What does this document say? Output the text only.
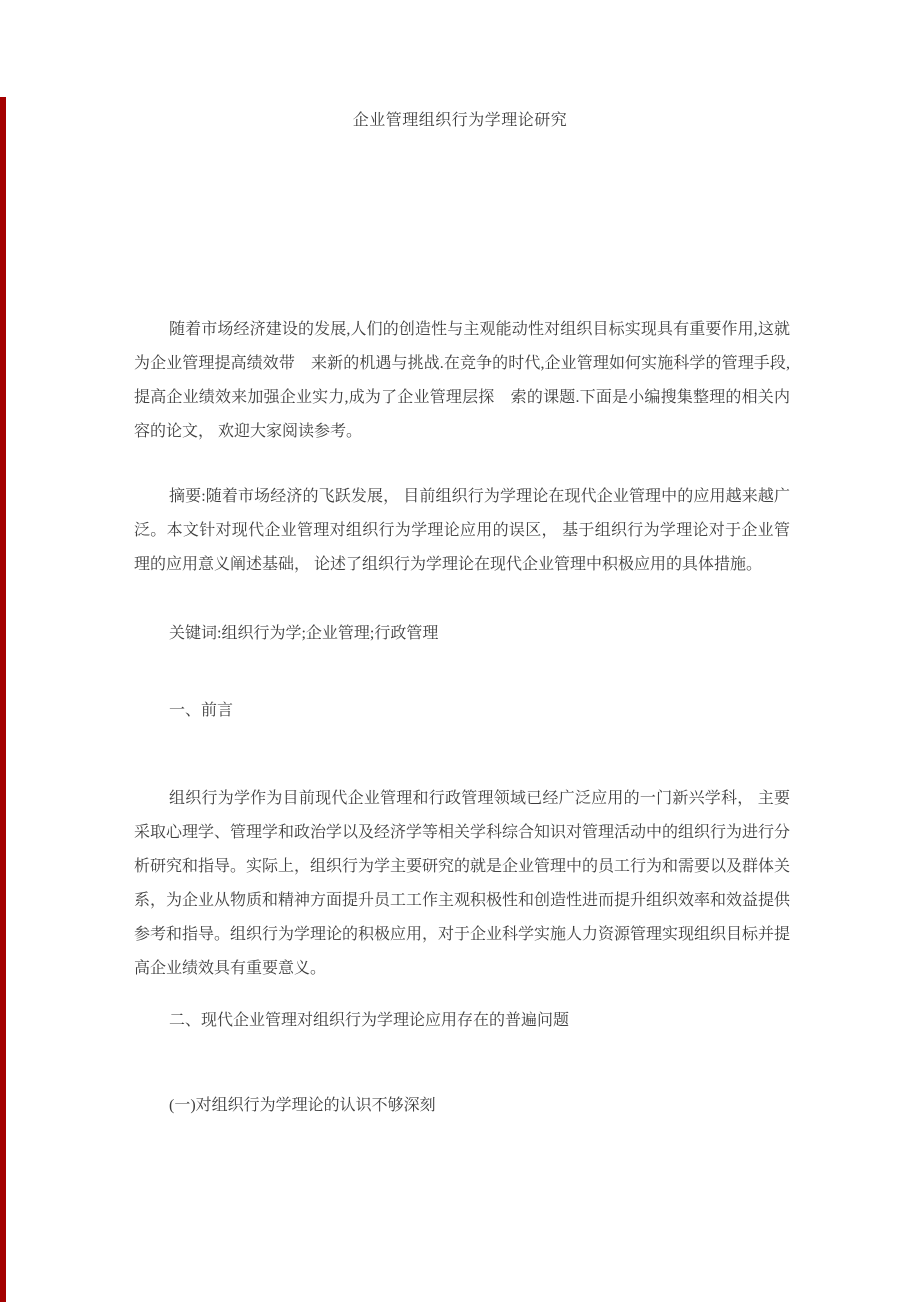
企业管理组织行为学理论研究

随着市场经济建设的发展,人们的创造性与主观能动性对组织目标实现具有重要作用,这就为企业管理提高绩效带　来新的机遇与挑战.在竞争的时代,企业管理如何实施科学的管理手段,提高企业绩效来加强企业实力,成为了企业管理层探　索的课题.下面是小编搜集整理的相关内容的论文， 欢迎大家阅读参考。

摘要:随着市场经济的飞跃发展， 目前组织行为学理论在现代企业管理中的应用越来越广泛。本文针对现代企业管理对组织行为学理论应用的误区， 基于组织行为学理论对于企业管理的应用意义阐述基础， 论述了组织行为学理论在现代企业管理中积极应用的具体措施。

关键词:组织行为学;企业管理;行政管理

一、前言

组织行为学作为目前现代企业管理和行政管理领域已经广泛应用的一门新兴学科， 主要采取心理学、管理学和政治学以及经济学等相关学科综合知识对管理活动中的组织行为进行分析研究和指导。实际上，组织行为学主要研究的就是企业管理中的员工行为和需要以及群体关系，为企业从物质和精神方面提升员工工作主观积极性和创造性进而提升组织效率和效益提供参考和指导。组织行为学理论的积极应用，对于企业科学实施人力资源管理实现组织目标并提高企业绩效具有重要意义。

二、现代企业管理对组织行为学理论应用存在的普遍问题

(一)对组织行为学理论的认识不够深刻
